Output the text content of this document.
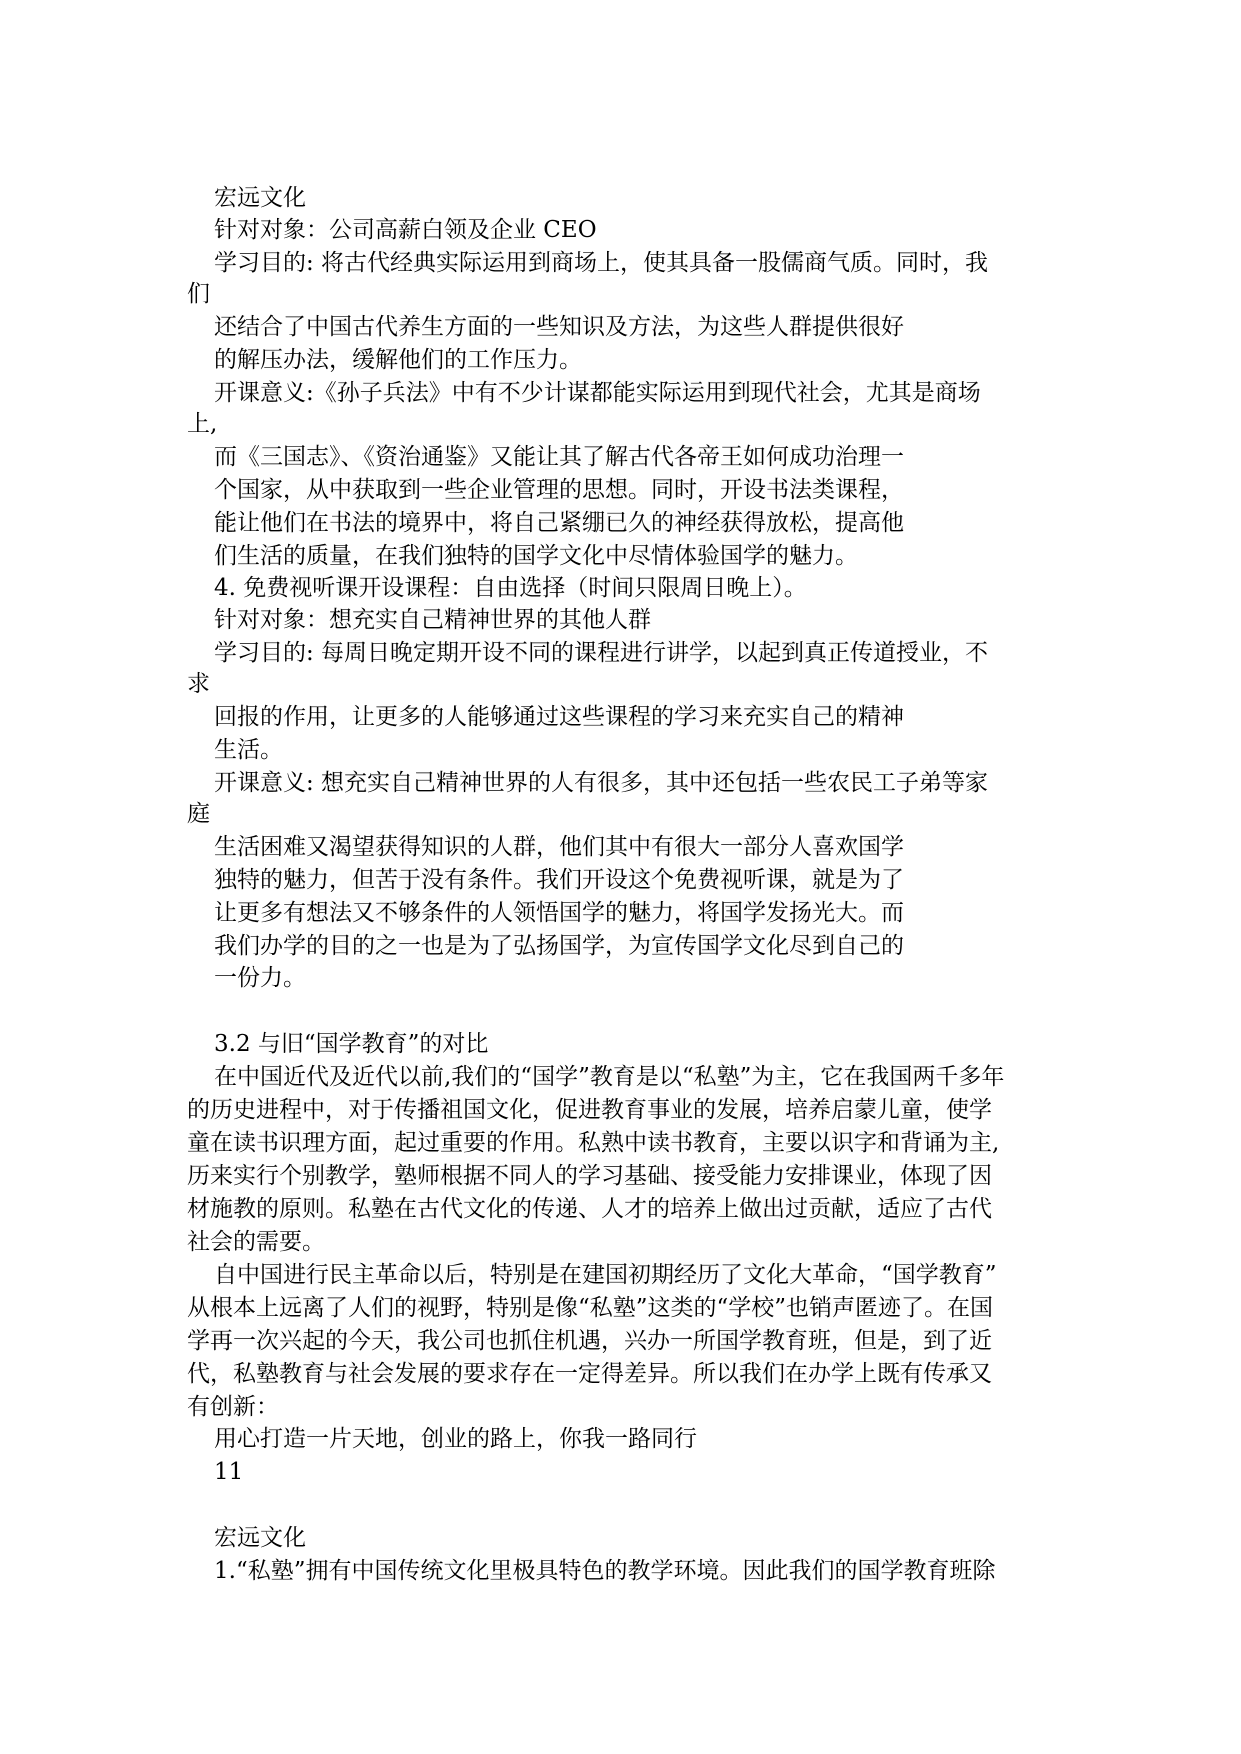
宏远文化
针对对象：公司高薪白领及企业 CEO
学习目的: 将古代经典实际运用到商场上，使其具备一股儒商气质。同时，我
们
还结合了中国古代养生方面的一些知识及方法，为这些人群提供很好
的解压办法，缓解他们的工作压力。
开课意义:《孙子兵法》中有不少计谋都能实际运用到现代社会，尤其是商场
上,
而《三国志》、《资治通鉴》又能让其了解古代各帝王如何成功治理一
个国家，从中获取到一些企业管理的思想。同时，开设书法类课程，
能让他们在书法的境界中，将自己紧绷已久的神经获得放松，提高他
们生活的质量，在我们独特的国学文化中尽情体验国学的魅力。
4. 免费视听课开设课程：自由选择（时间只限周日晚上）。
针对对象：想充实自己精神世界的其他人群
学习目的: 每周日晚定期开设不同的课程进行讲学，以起到真正传道授业，不
求
回报的作用，让更多的人能够通过这些课程的学习来充实自己的精神
生活。
开课意义: 想充实自己精神世界的人有很多，其中还包括一些农民工子弟等家
庭
生活困难又渴望获得知识的人群，他们其中有很大一部分人喜欢国学
独特的魅力，但苦于没有条件。我们开设这个免费视听课，就是为了
让更多有想法又不够条件的人领悟国学的魅力，将国学发扬光大。而
我们办学的目的之一也是为了弘扬国学，为宣传国学文化尽到自己的
一份力。
3.2 与旧“国学教育”的对比
在中国近代及近代以前,我们的“国学”教育是以“私塾”为主，它在我国两千多年
的历史进程中，对于传播祖国文化，促进教育事业的发展，培养启蒙儿童，使学
童在读书识理方面，起过重要的作用。私熟中读书教育，主要以识字和背诵为主,
历来实行个别教学，塾师根据不同人的学习基础、接受能力安排课业，体现了因
材施教的原则。私塾在古代文化的传递、人才的培养上做出过贡献，适应了古代
社会的需要。
自中国进行民主革命以后，特别是在建国初期经历了文化大革命，“国学教育”
从根本上远离了人们的视野，特别是像“私塾”这类的“学校”也销声匿迹了。在国
学再一次兴起的今天，我公司也抓住机遇，兴办一所国学教育班，但是，到了近
代，私塾教育与社会发展的要求存在一定得差异。所以我们在办学上既有传承又
有创新：
用心打造一片天地，创业的路上，你我一路同行
11
宏远文化
1.“私塾”拥有中国传统文化里极具特色的教学环境。因此我们的国学教育班除
